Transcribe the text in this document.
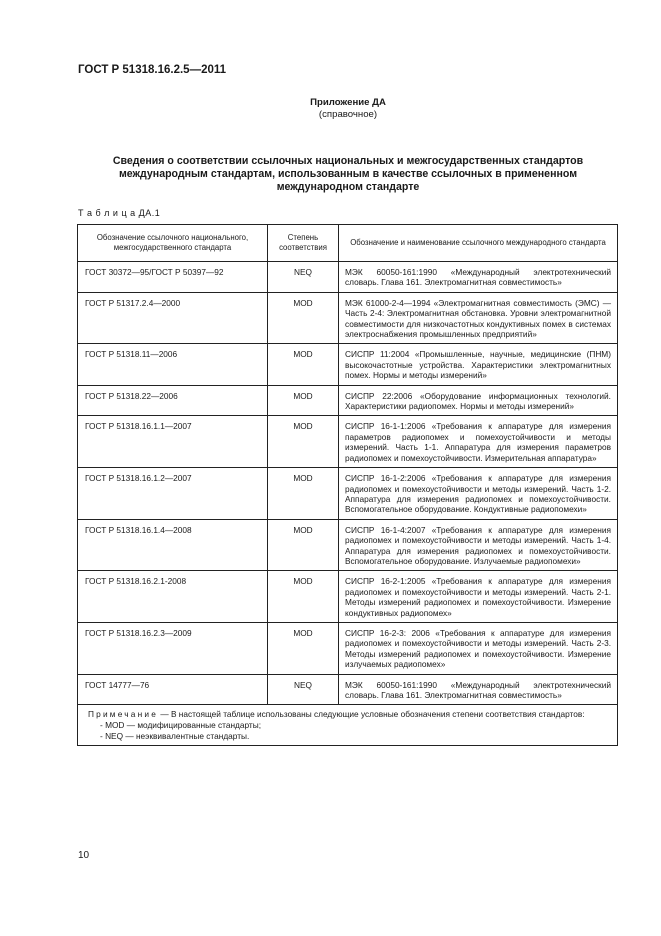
ГОСТ Р 51318.16.2.5—2011
Приложение ДА
(справочное)
Сведения о соответствии ссылочных национальных и межгосударственных стандартов
международным стандартам, использованным в качестве ссылочных в примененном
международном стандарте
Т а б л и ц а ДА.1
Обозначение ссылочного национального, межгосударственного стандарта	Степень соответствия	Обозначение и наименование ссылочного международного стандарта
ГОСТ 30372—95/ГОСТ Р 50397—92	NEQ	МЭК 60050-161:1990 «Международный электротехнический словарь. Глава 161. Электромагнитная совместимость»
ГОСТ Р 51317.2.4—2000	MOD	МЭК 61000-2-4—1994 «Электромагнитная совместимость (ЭМС) — Часть 2-4: Электромагнитная обстановка. Уровни электромагнитной совместимости для низкочастотных кондуктивных помех в системах электроснабжения промышленных предприятий»
ГОСТ Р 51318.11—2006	MOD	СИСПР 11:2004 «Промышленные, научные, медицинские (ПНМ) высокочастотные устройства. Характеристики электромагнитных помех. Нормы и методы измерений»
ГОСТ Р 51318.22—2006	MOD	СИСПР 22:2006 «Оборудование информационных технологий. Характеристики радиопомех. Нормы и методы измерений»
ГОСТ Р 51318.16.1.1—2007	MOD	СИСПР 16-1-1:2006 «Требования к аппаратуре для измерения параметров радиопомех и помехоустойчивости и методы измерений. Часть 1-1. Аппаратура для измерения параметров радиопомех и помехоустойчивости. Измерительная аппаратура»
ГОСТ Р 51318.16.1.2—2007	MOD	СИСПР 16-1-2:2006 «Требования к аппаратуре для измерения радиопомех и помехоустойчивости и методы измерений. Часть 1-2. Аппаратура для измерения радиопомех и помехоустойчивости. Вспомогательное оборудование. Кондуктивные радиопомехи»
ГОСТ Р 51318.16.1.4—2008	MOD	СИСПР 16-1-4:2007 «Требования к аппаратуре для измерения радиопомех и помехоустойчивости и методы измерений. Часть 1-4. Аппаратура для измерения радиопомех и помехоустойчивости. Вспомогательное оборудование. Излучаемые радиопомехи»
ГОСТ Р 51318.16.2.1-2008	MOD	СИСПР 16-2-1:2005 «Требования к аппаратуре для измерения радиопомех и помехоустойчивости и методы измерений. Часть 2-1. Методы измерений радиопомех и помехоустойчивости. Измерение кондуктивных радиопомех»
ГОСТ Р 51318.16.2.3—2009	MOD	СИСПР 16-2-3: 2006 «Требования к аппаратуре для измерения радиопомех и помехоустойчивости и методы измерений. Часть 2-3. Методы измерений радиопомех и помехоустойчивости. Измерение излучаемых радиопомех»
ГОСТ 14777—76	NEQ	МЭК 60050-161:1990 «Международный электротехнический словарь. Глава 161. Электромагнитная совместимость»

Примечание — В настоящей таблице использованы следующие условные обозначения степени соответствия стандартов:
- MOD — модифицированные стандарты;
- NEQ — неэквивалентные стандарты.		
10
